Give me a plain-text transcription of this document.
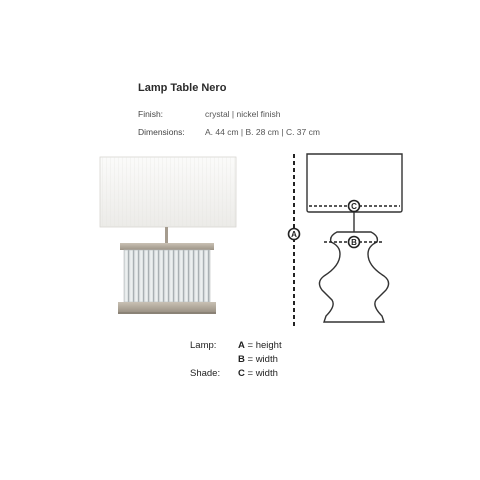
Lamp Table Nero
Finish:	crystal | nickel finish
Dimensions: A. 44 cm | B. 28 cm | C. 37 cm
A
B
C
Lamp:
Shade:
A = height
B = width
C = width
